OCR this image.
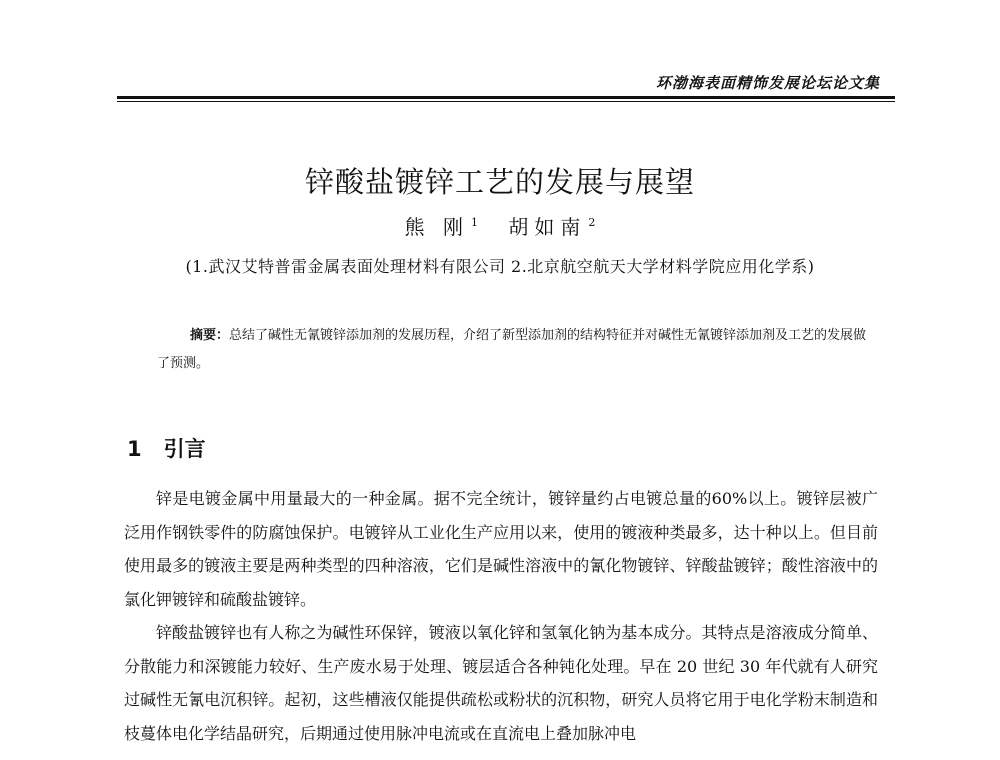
环渤海表面精饰发展论坛论文集
锌酸盐镀锌工艺的发展与展望
熊 刚 $^1$ 胡如南 $^2$
(1.武汉艾特普雷金属表面处理材料有限公司 2.北京航空航天大学材料学院应用化学系)
摘要：总结了碱性无氰镀锌添加剂的发展历程，介绍了新型添加剂的结构特征并对碱性无氰镀锌添加剂及工艺的发展做了预测。
1 引言

锌是电镀金属中用量最大的一种金属。据不完全统计，镀锌量约占电镀总量的60%以上。镀锌层被广泛用作钢铁零件的防腐蚀保护。电镀锌从工业化生产应用以来，使用的镀液种类最多，达十种以上。但目前使用最多的镀液主要是两种类型的四种溶液，它们是碱性溶液中的氰化物镀锌、锌酸盐镀锌；酸性溶液中的氯化钾镀锌和硫酸盐镀锌。

锌酸盐镀锌也有人称之为碱性环保锌，镀液以氧化锌和氢氧化钠为基本成分。其特点是溶液成分简单、分散能力和深镀能力较好、生产废水易于处理、镀层适合各种钝化处理。早在 20 世纪 30 年代就有人研究过碱性无氰电沉积锌。起初，这些槽液仅能提供疏松或粉状的沉积物，研究人员将它用于电化学粉末制造和枝蔓体电化学结晶研究，后期通过使用脉冲电流或在直流电上叠加脉冲电
